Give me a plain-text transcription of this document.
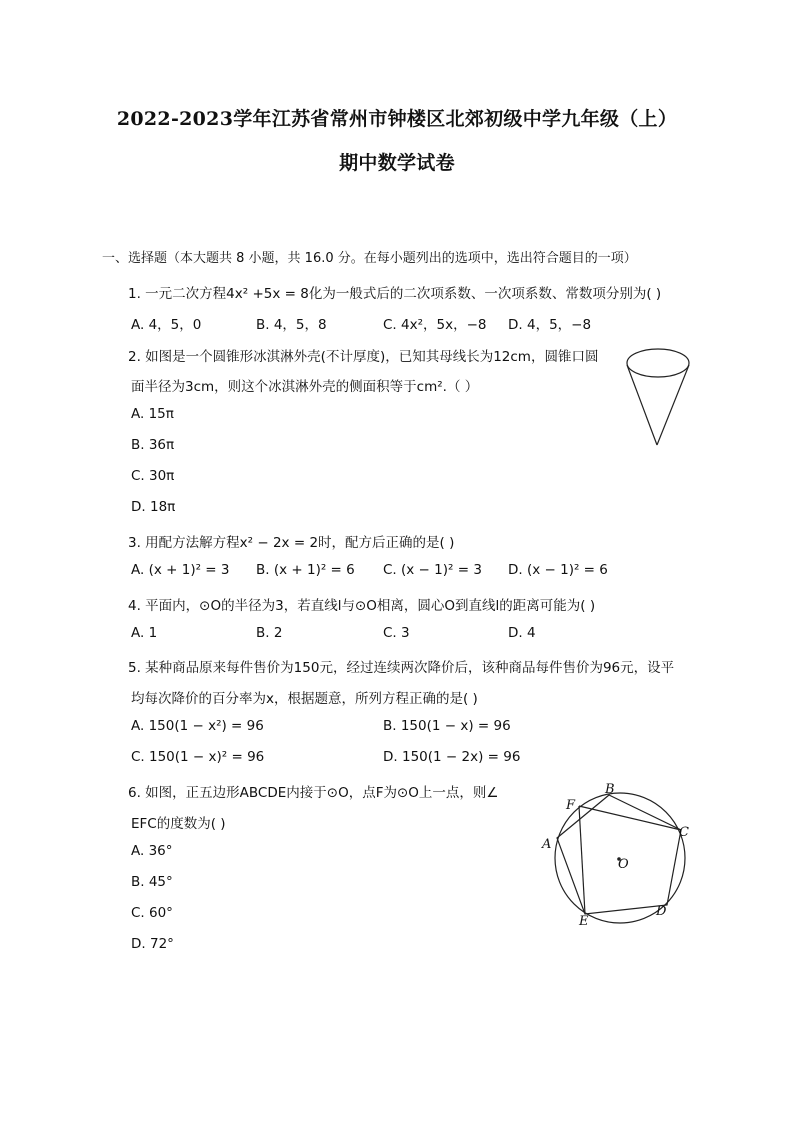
2022-2023学年江苏省常州市钟楼区北郊初级中学九年级（上）
期中数学试卷
一、选择题（本大题共 8 小题，共 16.0 分。在每小题列出的选项中，选出符合题目的一项）
1. 一元二次方程4x² +5x = 8化为一般式后的二次项系数、一次项系数、常数项分别为( )
A. 4，5，0	B. 4，5，8	C. 4x²，5x，−8 D. 4，5，−8
2. 如图是一个圆锥形冰淇淋外壳(不计厚度)，已知其母线长为12cm，圆锥口圆
面半径为3cm，则这个冰淇淋外壳的侧面积等于cm².（ ）
A. 15π
B. 36π
C. 30π
D. 18π
3. 用配方法解方程x² − 2x = 2时，配方后正确的是( )
A. (x + 1)² = 3 B. (x + 1)² = 6 C. (x − 1)² = 3 D. (x − 1)² = 6
4. 平面内，⊙O的半径为3，若直线l与⊙O相离，圆心O到直线l的距离可能为( )
A. 1	B. 2	C. 3	D. 4
5. 某种商品原来每件售价为150元，经过连续两次降价后，该种商品每件售价为96元，设平
均每次降价的百分率为x，根据题意，所列方程正确的是( )
A. 150(1 − x²) = 96	B. 150(1 − x) = 96
C. 150(1 − x)² = 96	D. 150(1 − 2x) = 96
6. 如图，正五边形ABCDE内接于⊙O，点F为⊙O上一点，则∠
EFC的度数为( )
A. 36°
B. 45°
C. 60°
D. 72°
B
C
D
E
A
F
O
